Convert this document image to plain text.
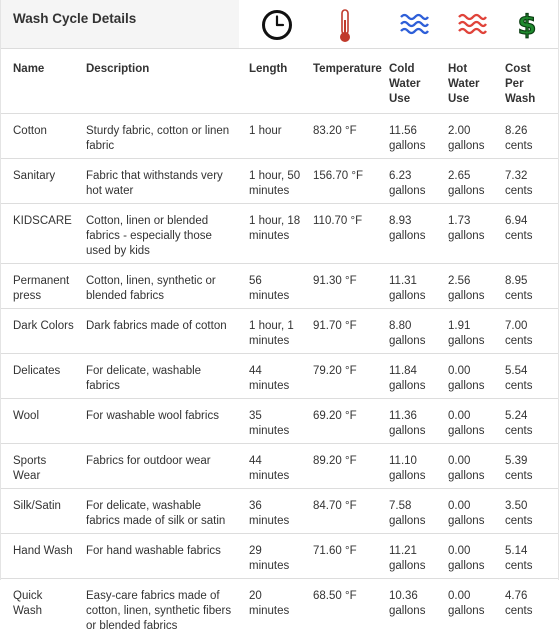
Wash Cycle Details	$
Name	Description	Length	Temperature	Cold Water Use	Hot Water Use	Cost Per Wash
Cotton	Sturdy fabric, cotton or linen fabric	1 hour	83.20 °F	11.56 gallons	2.00 gallons	8.26 cents
Sanitary	Fabric that withstands very hot water	1 hour, 50 minutes	156.70 °F	6.23 gallons	2.65 gallons	7.32 cents
KIDSCARE	Cotton, linen or blended fabrics - especially those used by kids	1 hour, 18 minutes	110.70 °F	8.93 gallons	1.73 gallons	6.94 cents
Permanent press	Cotton, linen, synthetic or blended fabrics	56 minutes	91.30 °F	11.31 gallons	2.56 gallons	8.95 cents
Dark Colors	Dark fabrics made of cotton	1 hour, 1 minutes	91.70 °F	8.80 gallons	1.91 gallons	7.00 cents
Delicates	For delicate, washable fabrics	44 minutes	79.20 °F	11.84 gallons	0.00 gallons	5.54 cents
Wool	For washable wool fabrics	35 minutes	69.20 °F	11.36 gallons	0.00 gallons	5.24 cents
Sports Wear	Fabrics for outdoor wear	44 minutes	89.20 °F	11.10 gallons	0.00 gallons	5.39 cents
Silk/Satin	For delicate, washable fabrics made of silk or satin	36 minutes	84.70 °F	7.58 gallons	0.00 gallons	3.50 cents
Hand Wash	For hand washable fabrics	29 minutes	71.60 °F	11.21 gallons	0.00 gallons	5.14 cents
Quick Wash	Easy-care fabrics made of cotton, linen, synthetic fibers or blended fabrics	20 minutes	68.50 °F	10.36 gallons	0.00 gallons	4.76 cents
